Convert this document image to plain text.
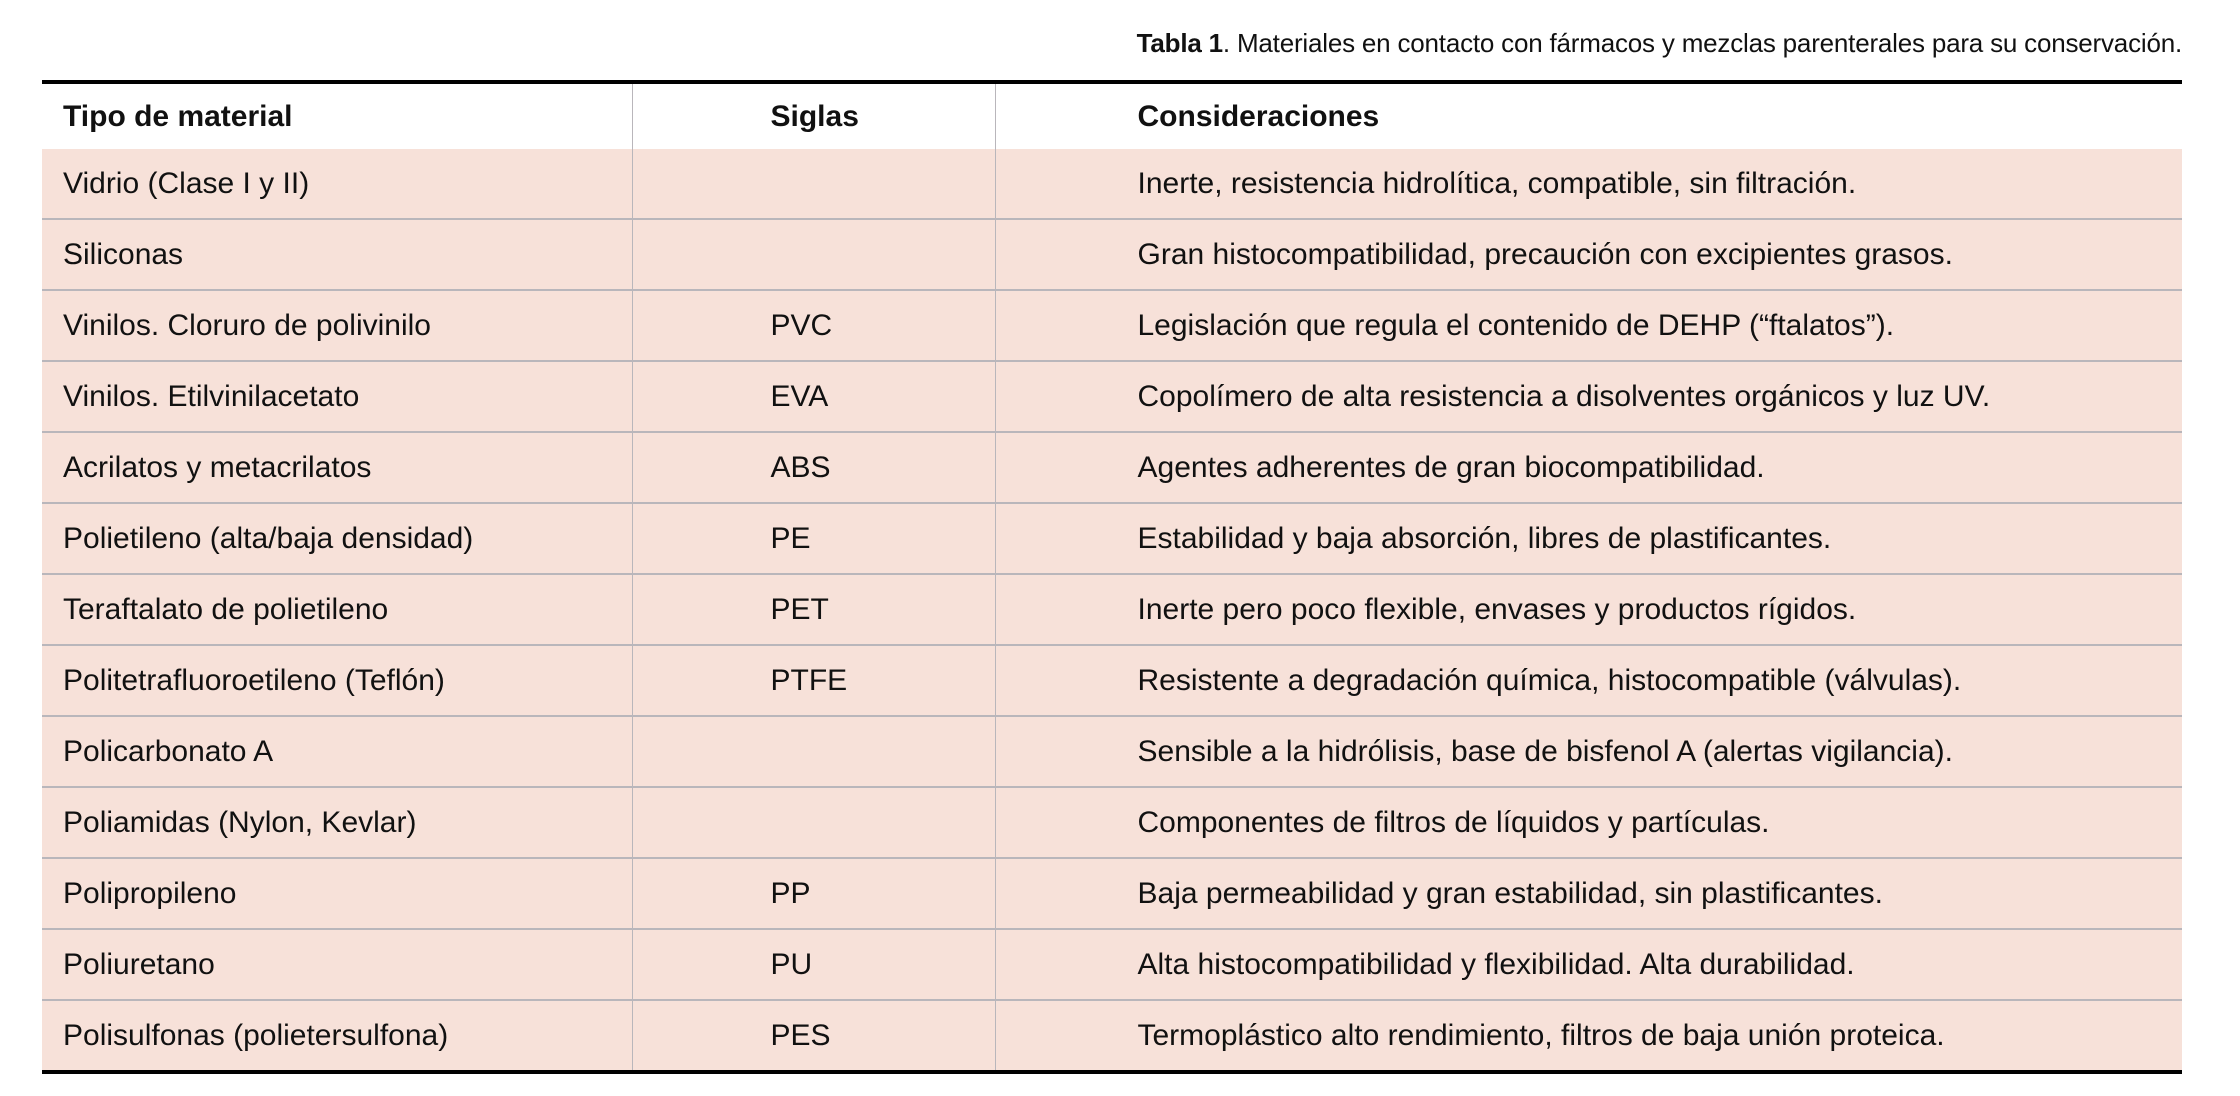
Tabla 1. Materiales en contacto con fármacos y mezclas parenterales para su conservación.
Tipo de material	Siglas	Consideraciones
Vidrio (Clase I y II)		Inerte, resistencia hidrolítica, compatible, sin filtración.
Siliconas		Gran histocompatibilidad, precaución con excipientes grasos.
Vinilos. Cloruro de polivinilo	PVC	Legislación que regula el contenido de DEHP (“ftalatos”).
Vinilos. Etilvinilacetato	EVA	Copolímero de alta resistencia a disolventes orgánicos y luz UV.
Acrilatos y metacrilatos	ABS	Agentes adherentes de gran biocompatibilidad.
Polietileno (alta/baja densidad)	PE	Estabilidad y baja absorción, libres de plastificantes.
Teraftalato de polietileno	PET	Inerte pero poco flexible, envases y productos rígidos.
Politetrafluoroetileno (Teflón)	PTFE	Resistente a degradación química, histocompatible (válvulas).
Policarbonato A		Sensible a la hidrólisis, base de bisfenol A (alertas vigilancia).
Poliamidas (Nylon, Kevlar)		Componentes de filtros de líquidos y partículas.
Polipropileno	PP	Baja permeabilidad y gran estabilidad, sin plastificantes.
Poliuretano	PU	Alta histocompatibilidad y flexibilidad. Alta durabilidad.
Polisulfonas (polietersulfona)	PES	Termoplástico alto rendimiento, filtros de baja unión proteica.
